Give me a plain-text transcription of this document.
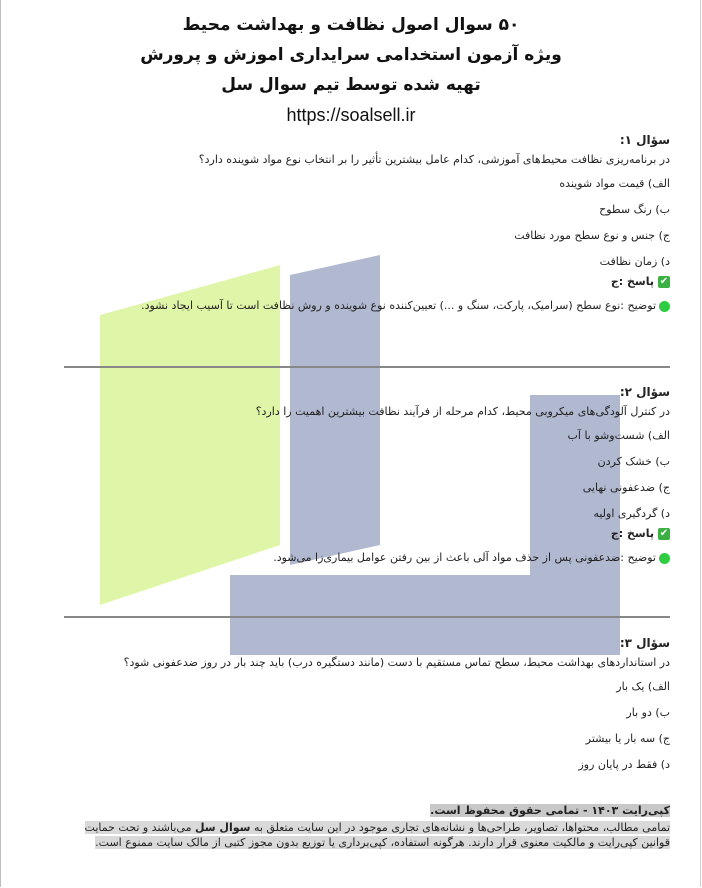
۵۰ سوال اصول نظافت و بهداشت محیط

ویژه آزمون استخدامی سرایداری اموزش و پرورش

تهیه شده توسط تیم سوال سل

https://soalsell.ir

سؤال ۱:

در برنامه‌ریزی نظافت محیط‌های آموزشی، کدام عامل بیشترین تأثیر را بر انتخاب نوع مواد شوینده دارد؟

الف) قیمت مواد شوینده

ب) رنگ سطوح

ج) جنس و نوع سطح مورد نظافت

د) زمان نظافت

✔
پاسخ :ج
توضیح :نوع سطح (سرامیک، پارکت، سنگ و ...) تعیین‌کننده نوع شوینده و روش نظافت است تا آسیب ایجاد نشود.

سؤال ۲:

در کنترل آلودگی‌های میکروبی محیط، کدام مرحله از فرآیند نظافت بیشترین اهمیت را دارد؟

الف) شست‌وشو با آب

ب) خشک کردن

ج) ضدعفونی نهایی

د) گردگیری اولیه

✔
پاسخ :ج
توضیح :ضدعفونی پس از حذف مواد آلی باعث از بین رفتن عوامل بیماری‌زا می‌شود.

سؤال ۳:

در استانداردهای بهداشت محیط، سطح تماس مستقیم با دست (مانند دستگیره درب) باید چند بار در روز ضدعفونی شود؟

الف) یک بار

ب) دو بار

ج) سه بار یا بیشتر

د) فقط در پایان روز

کپی‌رایت ۱۴۰۳ - تمامی حقوق محفوظ است.
تمامی مطالب، محتواها، تصاویر، طراحی‌ها و نشانه‌های تجاری موجود در این سایت متعلق به سوال سل می‌باشند و تحت حمایت قوانین کپی‌رایت و مالکیت معنوی قرار دارند. هرگونه استفاده، کپی‌برداری یا توزیع بدون مجوز کتبی از مالک سایت ممنوع است.
